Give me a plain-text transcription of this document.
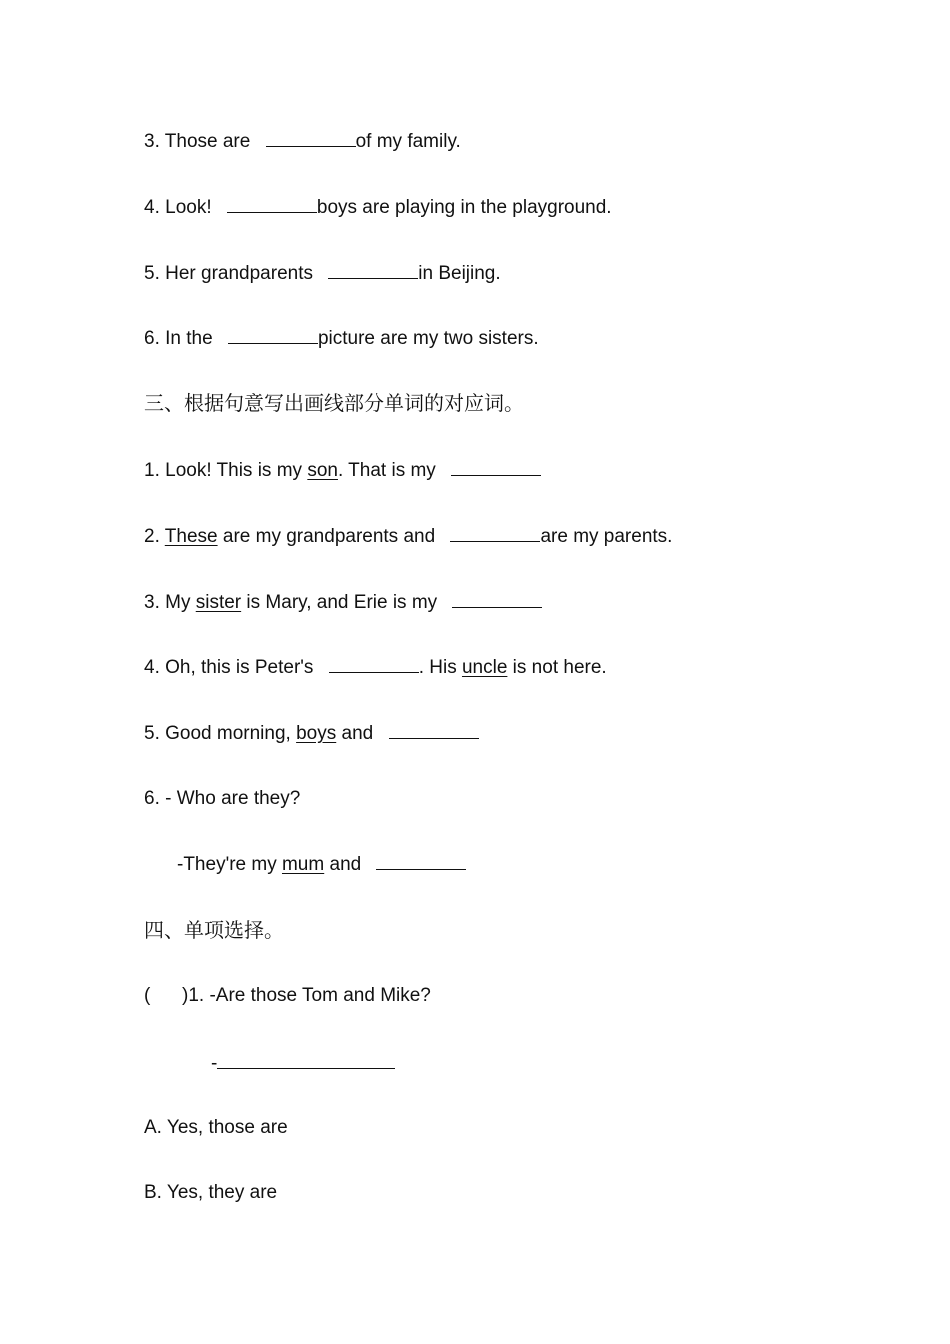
3. Those are	of my family.
4. Look!	boys are playing in the playground.
5. Her grandparents	in Beijing.
6. In the	picture are my two sisters.
三、根据句意写出画线部分单词的对应词。
1. Look! This is my son. That is my
2. These are my grandparents and	are my parents.
3. My sister is Mary, and Erie is my
4. Oh, this is Peter's	. His uncle is not here.
5. Good morning, boys and
6. - Who are they?
-They're my mum and
四、单项选择。
(      )1. -Are those Tom and Mike?
-
A. Yes, those are
B. Yes, they are
